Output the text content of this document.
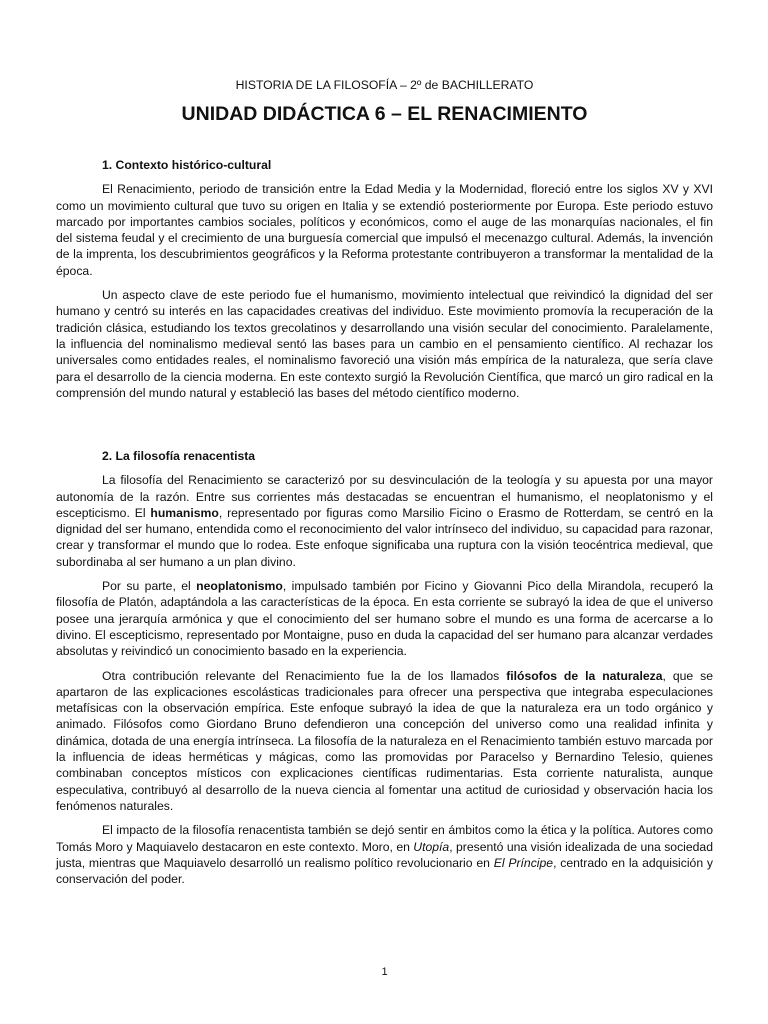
HISTORIA DE LA FILOSOFÍA – 2º de BACHILLERATO
UNIDAD DIDÁCTICA 6 – EL RENACIMIENTO

1. Contexto histórico-cultural

El Renacimiento, periodo de transición entre la Edad Media y la Modernidad, floreció entre los siglos XV y XVI como un movimiento cultural que tuvo su origen en Italia y se extendió posteriormente por Europa. Este periodo estuvo marcado por importantes cambios sociales, políticos y económicos, como el auge de las monarquías nacionales, el fin del sistema feudal y el crecimiento de una burguesía comercial que impulsó el mecenazgo cultural. Además, la invención de la imprenta, los descubrimientos geográficos y la Reforma protestante contribuyeron a transformar la mentalidad de la época.

Un aspecto clave de este periodo fue el humanismo, movimiento intelectual que reivindicó la dignidad del ser humano y centró su interés en las capacidades creativas del individuo. Este movimiento promovía la recuperación de la tradición clásica, estudiando los textos grecolatinos y desarrollando una visión secular del conocimiento. Paralelamente, la influencia del nominalismo medieval sentó las bases para un cambio en el pensamiento científico. Al rechazar los universales como entidades reales, el nominalismo favoreció una visión más empírica de la naturaleza, que sería clave para el desarrollo de la ciencia moderna. En este contexto surgió la Revolución Científica, que marcó un giro radical en la comprensión del mundo natural y estableció las bases del método científico moderno.

2. La filosofía renacentista

La filosofía del Renacimiento se caracterizó por su desvinculación de la teología y su apuesta por una mayor autonomía de la razón. Entre sus corrientes más destacadas se encuentran el humanismo, el neoplatonismo y el escepticismo. El humanismo, representado por figuras como Marsilio Ficino o Erasmo de Rotterdam, se centró en la dignidad del ser humano, entendida como el reconocimiento del valor intrínseco del individuo, su capacidad para razonar, crear y transformar el mundo que lo rodea. Este enfoque significaba una ruptura con la visión teocéntrica medieval, que subordinaba al ser humano a un plan divino.

Por su parte, el neoplatonismo, impulsado también por Ficino y Giovanni Pico della Mirandola, recuperó la filosofía de Platón, adaptándola a las características de la época. En esta corriente se subrayó la idea de que el universo posee una jerarquía armónica y que el conocimiento del ser humano sobre el mundo es una forma de acercarse a lo divino. El escepticismo, representado por Montaigne, puso en duda la capacidad del ser humano para alcanzar verdades absolutas y reivindicó un conocimiento basado en la experiencia.

Otra contribución relevante del Renacimiento fue la de los llamados filósofos de la naturaleza, que se apartaron de las explicaciones escolásticas tradicionales para ofrecer una perspectiva que integraba especulaciones metafísicas con la observación empírica. Este enfoque subrayó la idea de que la naturaleza era un todo orgánico y animado. Filósofos como Giordano Bruno defendieron una concepción del universo como una realidad infinita y dinámica, dotada de una energía intrínseca. La filosofía de la naturaleza en el Renacimiento también estuvo marcada por la influencia de ideas herméticas y mágicas, como las promovidas por Paracelso y Bernardino Telesio, quienes combinaban conceptos místicos con explicaciones científicas rudimentarias. Esta corriente naturalista, aunque especulativa, contribuyó al desarrollo de la nueva ciencia al fomentar una actitud de curiosidad y observación hacia los fenómenos naturales.

El impacto de la filosofía renacentista también se dejó sentir en ámbitos como la ética y la política. Autores como Tomás Moro y Maquiavelo destacaron en este contexto. Moro, en Utopía, presentó una visión idealizada de una sociedad justa, mientras que Maquiavelo desarrolló un realismo político revolucionario en El Príncipe, centrado en la adquisición y conservación del poder.

1
